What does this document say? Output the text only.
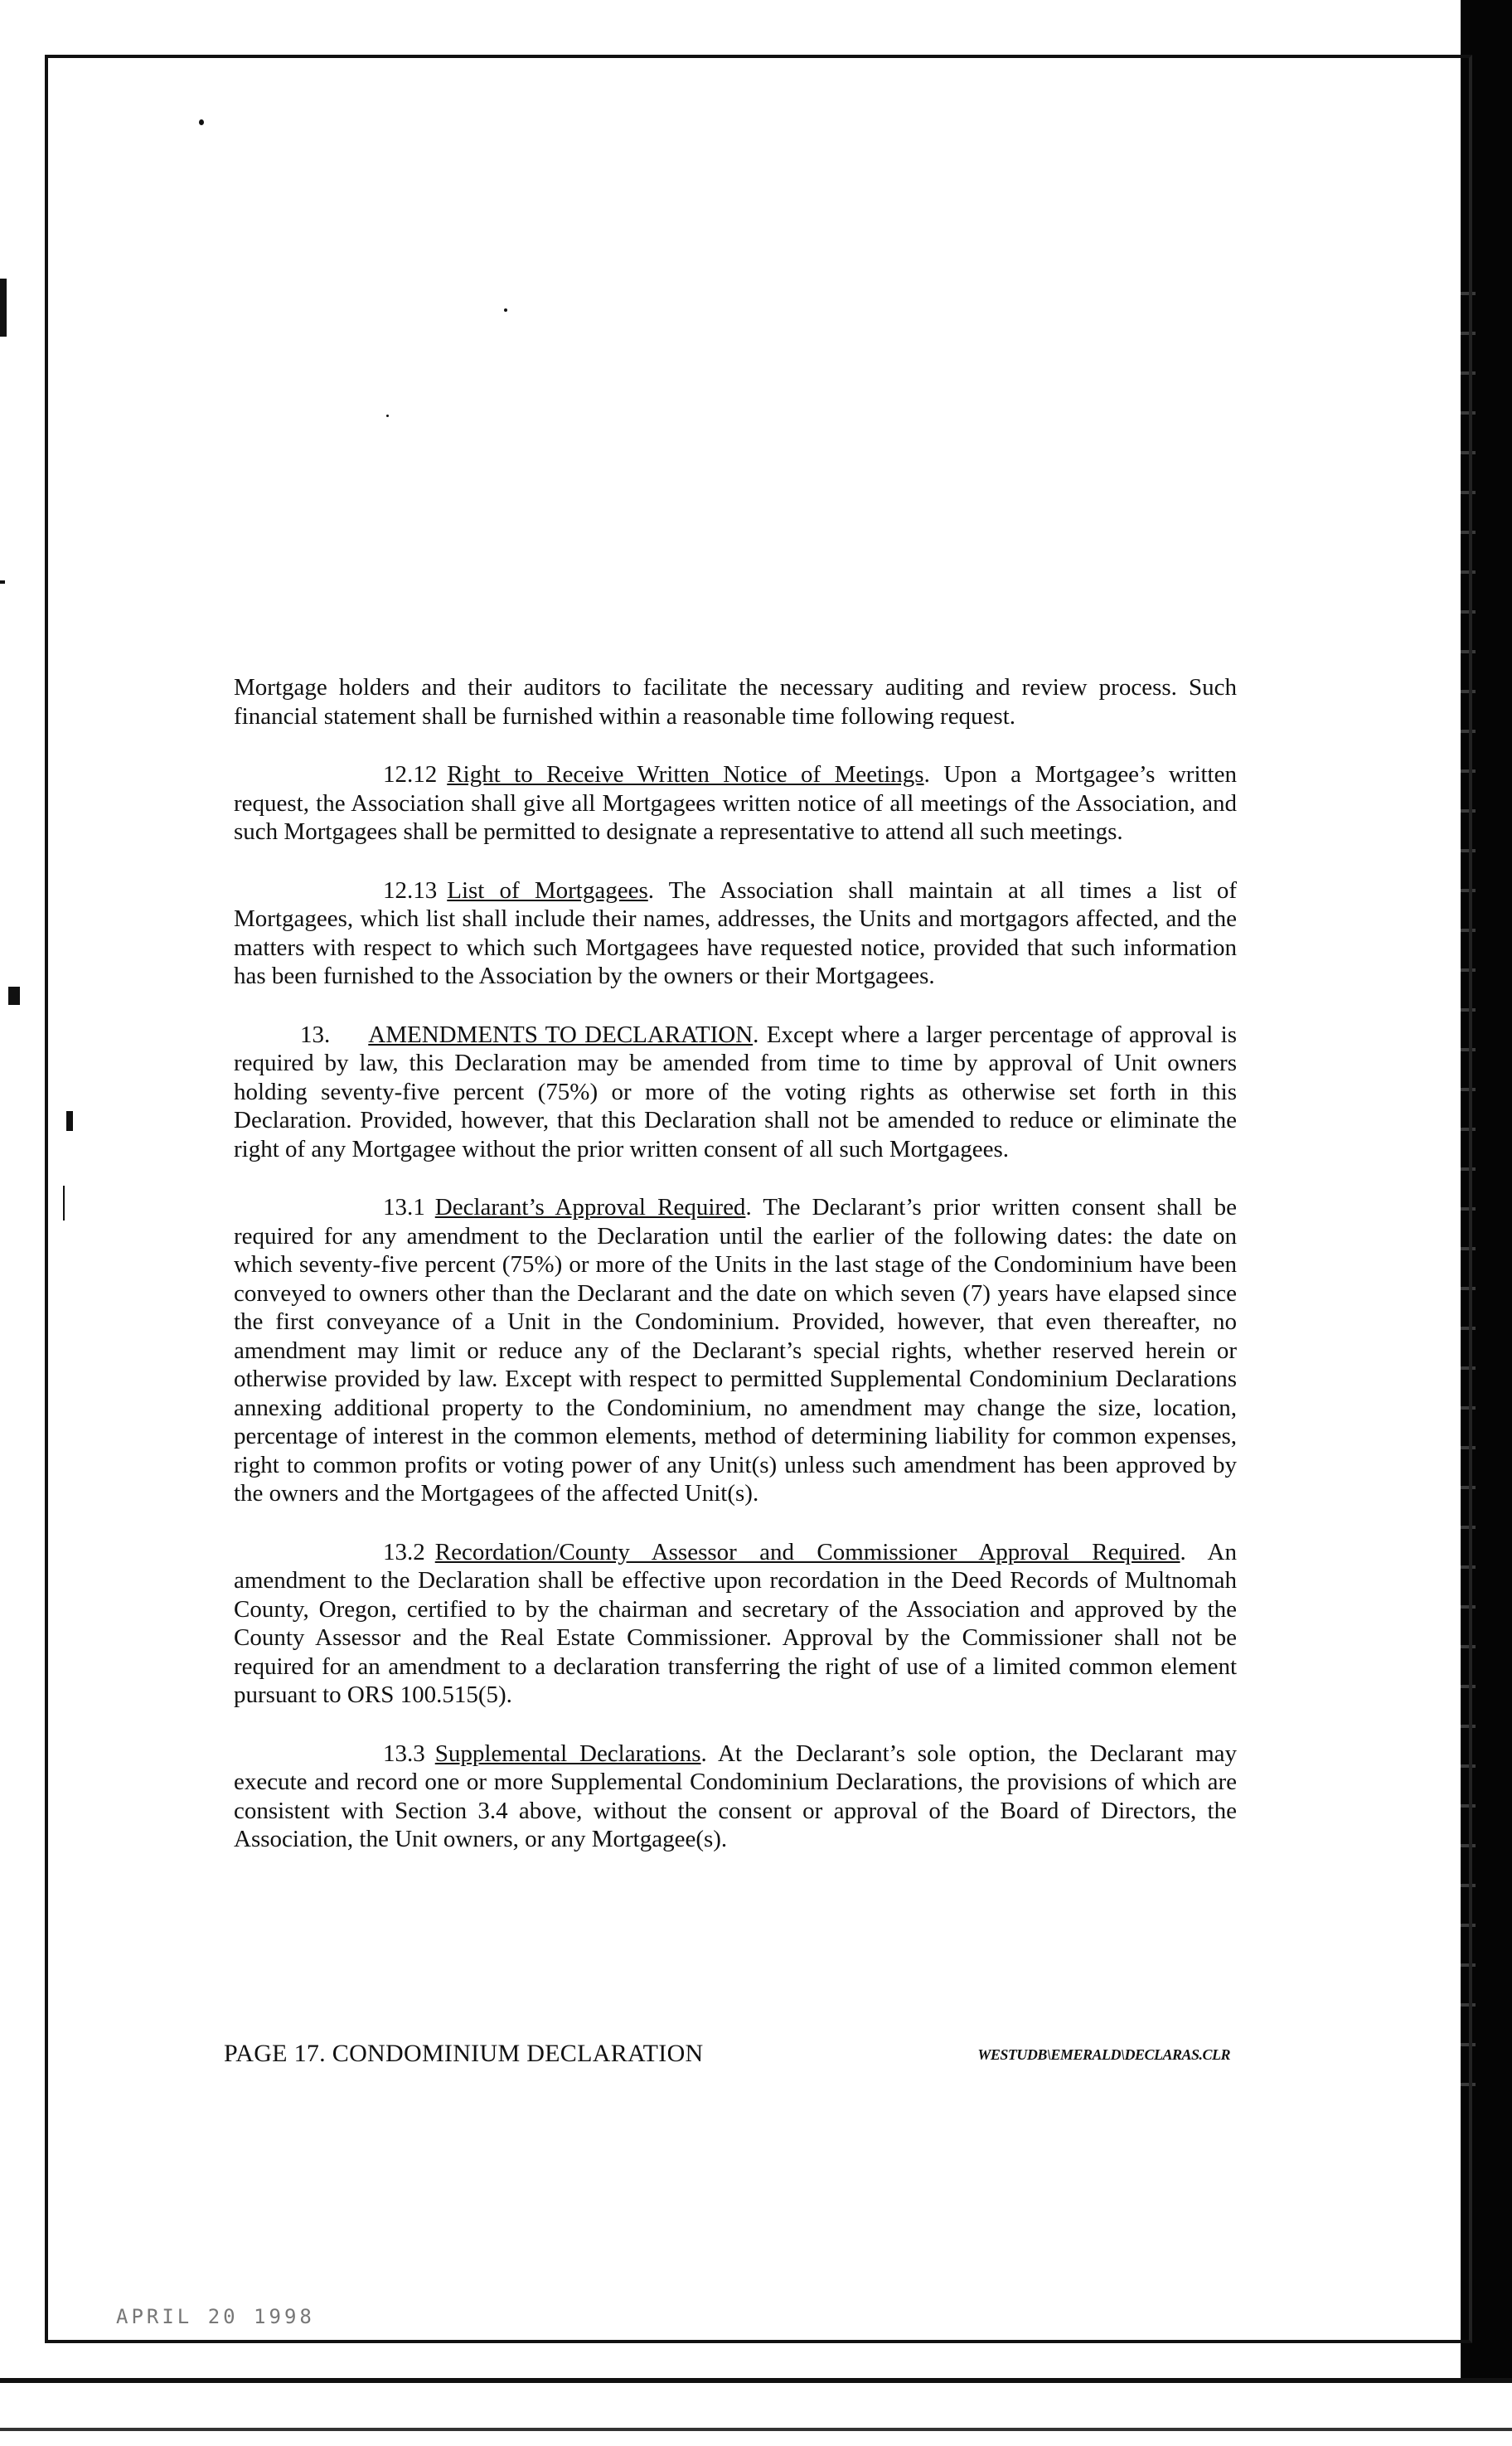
Mortgage holders and their auditors to facilitate the necessary auditing and review process. Such financial statement shall be furnished within a reasonable time following request.

12.12 Right to Receive Written Notice of Meetings. Upon a Mortgagee’s written request, the Association shall give all Mortgagees written notice of all meetings of the Association, and such Mortgagees shall be permitted to designate a representative to attend all such meetings.

12.13 List of Mortgagees. The Association shall maintain at all times a list of Mortgagees, which list shall include their names, addresses, the Units and mortgagors affected, and the matters with respect to which such Mortgagees have requested notice, provided that such information has been furnished to the Association by the owners or their Mortgagees.

13. AMENDMENTS TO DECLARATION. Except where a larger percentage of approval is required by law, this Declaration may be amended from time to time by approval of Unit owners holding seventy-five percent (75%) or more of the voting rights as otherwise set forth in this Declaration. Provided, however, that this Declaration shall not be amended to reduce or eliminate the right of any Mortgagee without the prior written consent of all such Mortgagees.

13.1 Declarant’s Approval Required. The Declarant’s prior written consent shall be required for any amendment to the Declaration until the earlier of the following dates: the date on which seventy-five percent (75%) or more of the Units in the last stage of the Condominium have been conveyed to owners other than the Declarant and the date on which seven (7) years have elapsed since the first conveyance of a Unit in the Condominium. Provided, however, that even thereafter, no amendment may limit or reduce any of the Declarant’s special rights, whether reserved herein or otherwise provided by law. Except with respect to permitted Supplemental Condominium Declarations annexing additional property to the Condominium, no amendment may change the size, location, percentage of interest in the common elements, method of determining liability for common expenses, right to common profits or voting power of any Unit(s) unless such amendment has been approved by the owners and the Mortgagees of the affected Unit(s).

13.2 Recordation/County Assessor and Commissioner Approval Required. An amendment to the Declaration shall be effective upon recordation in the Deed Records of Multnomah County, Oregon, certified to by the chairman and secretary of the Association and approved by the County Assessor and the Real Estate Commissioner. Approval by the Commissioner shall not be required for an amendment to a declaration transferring the right of use of a limited common element pursuant to ORS 100.515(5).

13.3 Supplemental Declarations. At the Declarant’s sole option, the Declarant may execute and record one or more Supplemental Condominium Declarations, the provisions of which are consistent with Section 3.4 above, without the consent or approval of the Board of Directors, the Association, the Unit owners, or any Mortgagee(s).

PAGE 17. CONDOMINIUM DECLARATION	WESTUDB\EMERALD\DECLARAS.CLR
APRIL 20 1998
